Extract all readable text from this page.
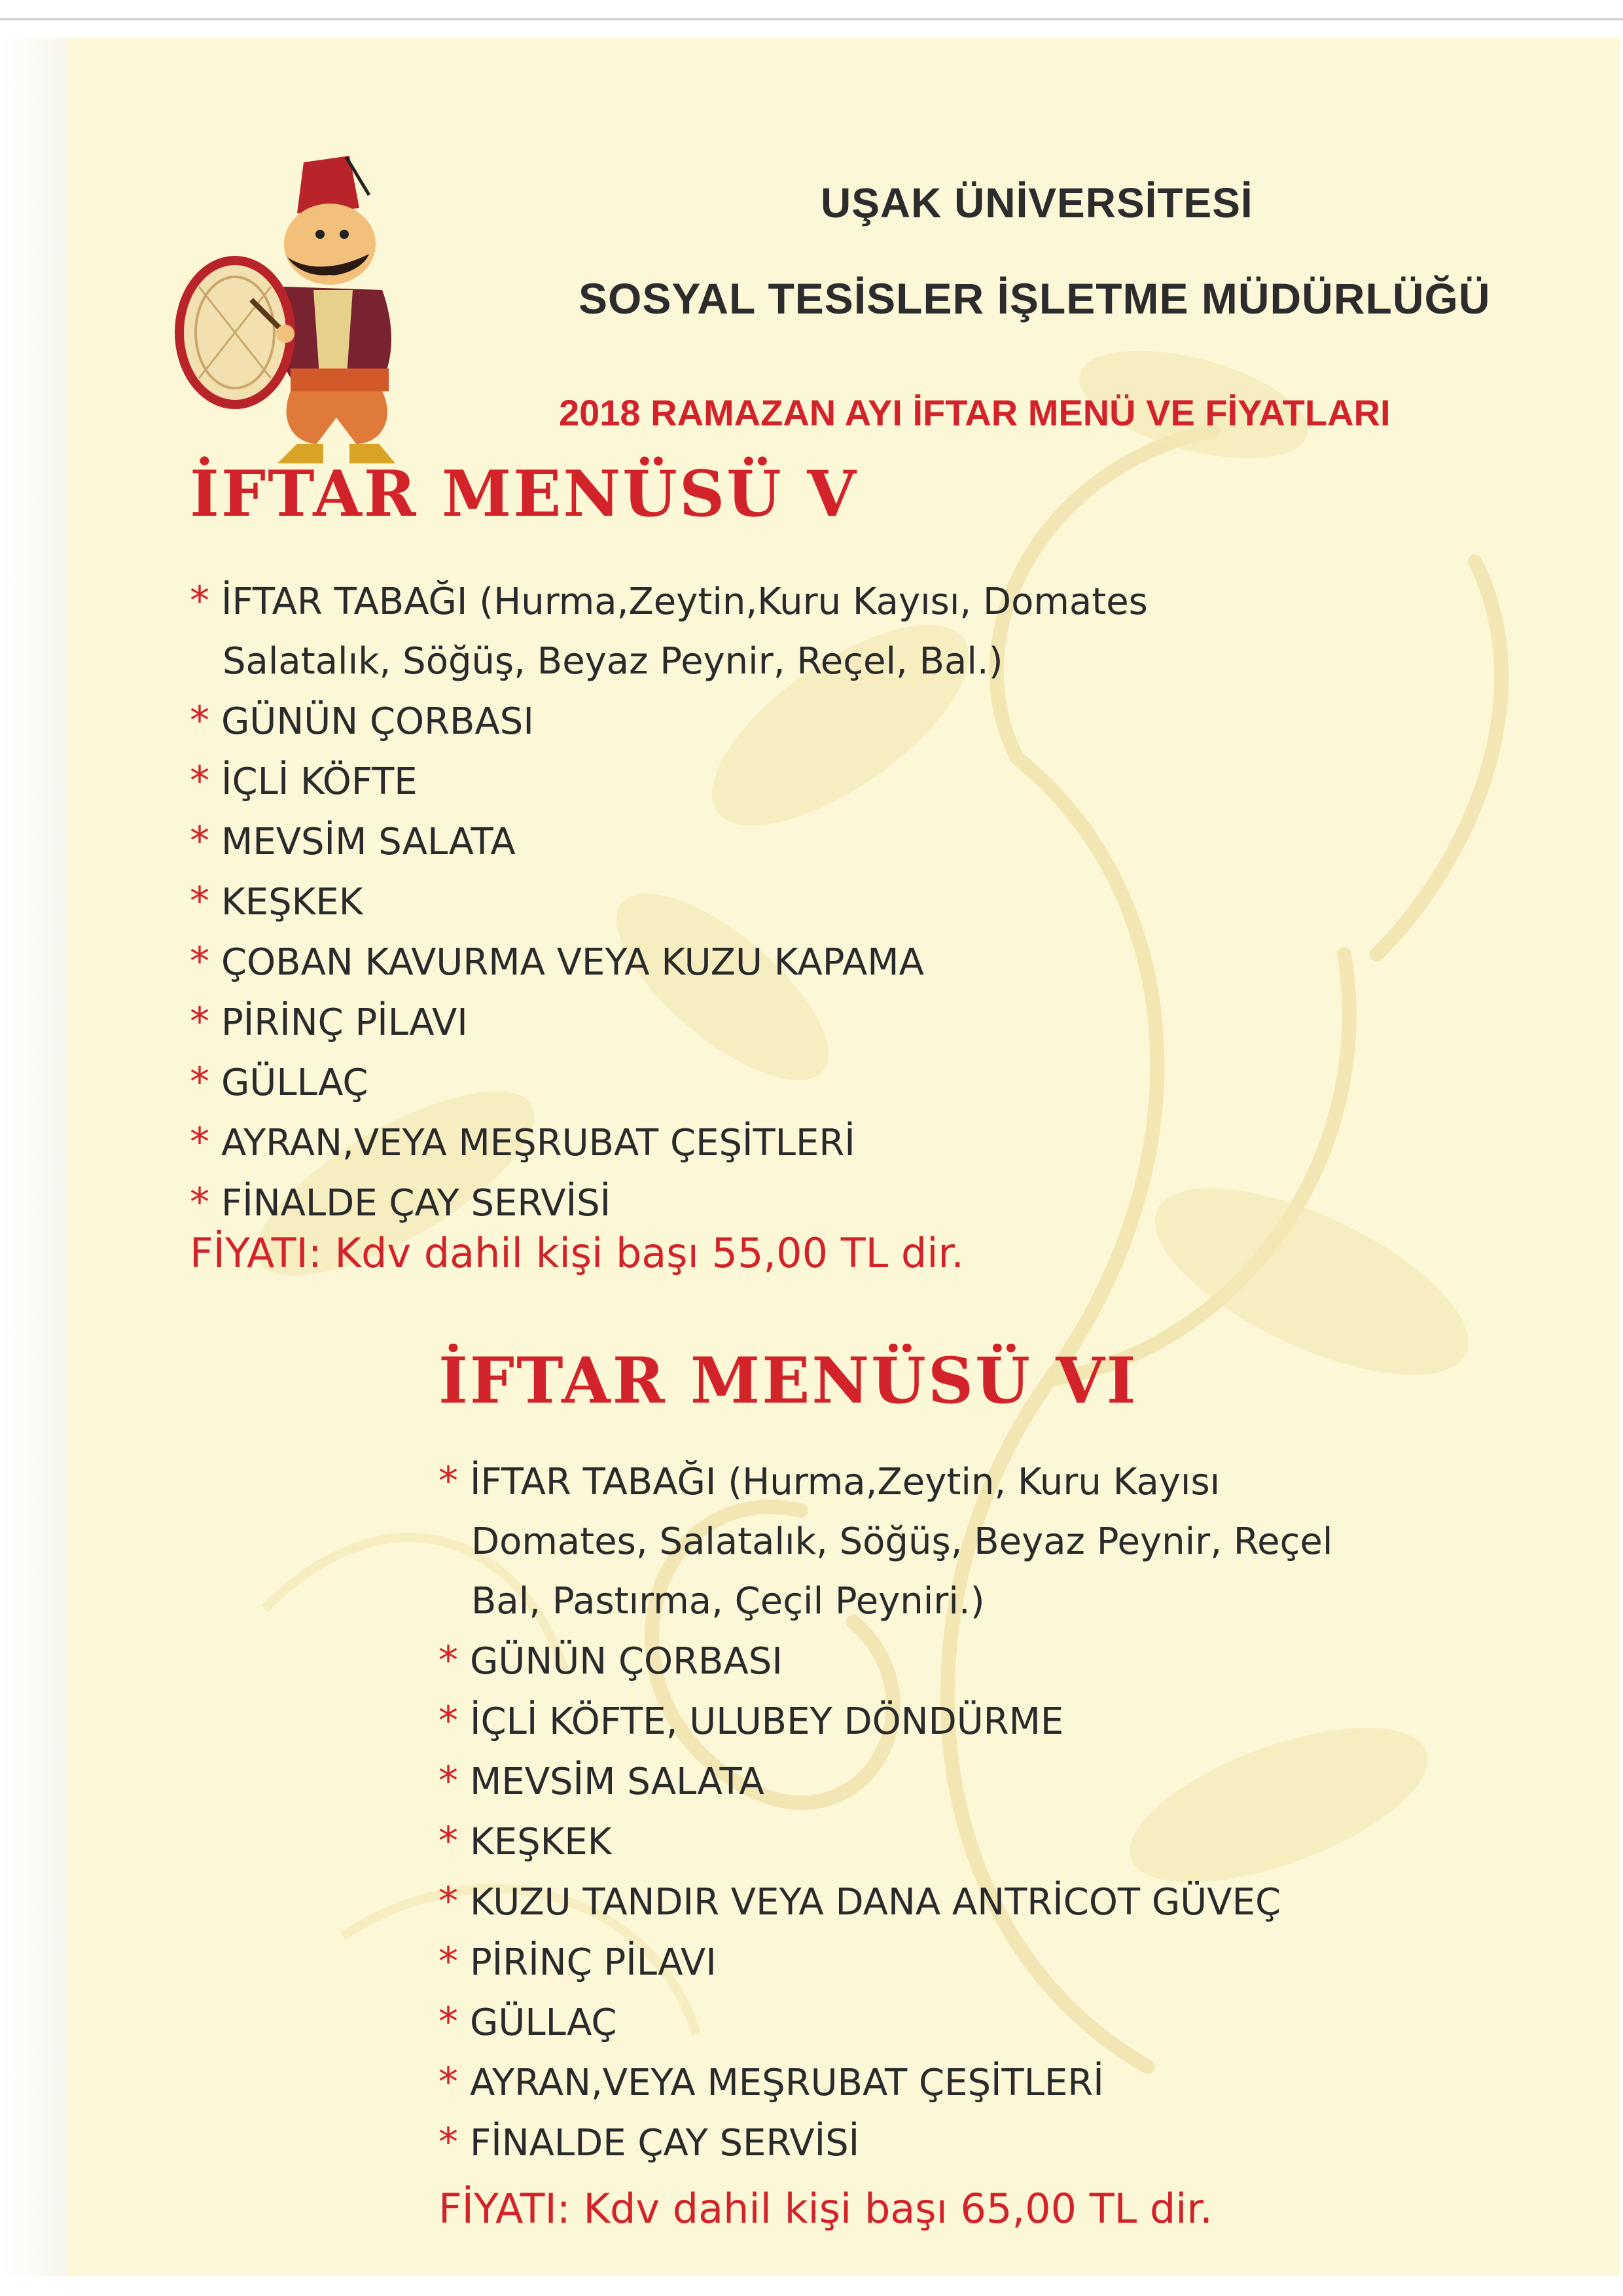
UŞAK ÜNİVERSİTESİ
SOSYAL TESİSLER İŞLETME MÜDÜRLÜĞÜ
2018 RAMAZAN AYI İFTAR MENÜ VE FİYATLARI
İFTAR MENÜSÜ V
* İFTAR TABAĞI (Hurma,Zeytin,Kuru Kayısı, Domates
Salatalık, Söğüş, Beyaz Peynir, Reçel, Bal.)
* GÜNÜN ÇORBASI
* İÇLİ KÖFTE
* MEVSİM SALATA
* KEŞKEK
* ÇOBAN KAVURMA VEYA KUZU KAPAMA
* PİRİNÇ PİLAVI
* GÜLLAÇ
* AYRAN,VEYA MEŞRUBAT ÇEŞİTLERİ
* FİNALDE ÇAY SERVİSİ
FİYATI: Kdv dahil kişi başı 55,00 TL dir.
İFTAR MENÜSÜ VI
* İFTAR TABAĞI (Hurma,Zeytin, Kuru Kayısı
Domates, Salatalık, Söğüş, Beyaz Peynir, Reçel
Bal, Pastırma, Çeçil Peyniri.)
* GÜNÜN ÇORBASI
* İÇLİ KÖFTE, ULUBEY DÖNDÜRME
* MEVSİM SALATA
* KEŞKEK
* KUZU TANDIR VEYA DANA ANTRİCOT GÜVEÇ
* PİRİNÇ PİLAVI
* GÜLLAÇ
* AYRAN,VEYA MEŞRUBAT ÇEŞİTLERİ
* FİNALDE ÇAY SERVİSİ
FİYATI: Kdv dahil kişi başı 65,00 TL dir.
